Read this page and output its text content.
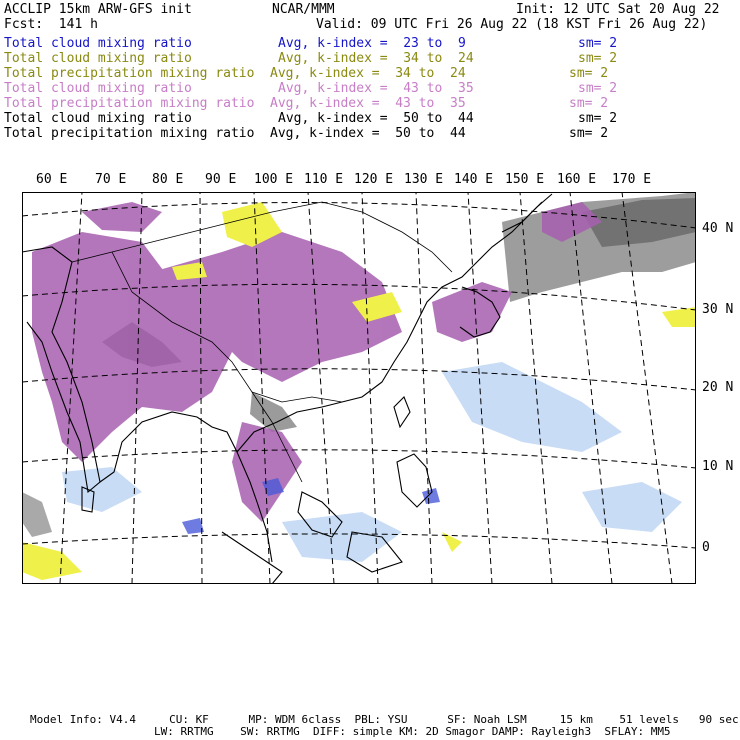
ACCLIP 15km ARW-GFS init	NCAR/MMM	Init: 12 UTC Sat 20 Aug 22
Fcst:  141 h	Valid: 09 UTC Fri 26 Aug 22 (18 KST Fri 26 Aug 22)
Total cloud mixing ratio	Avg, k-index =  23 to  9	sm= 2
Total cloud mixing ratio	Avg, k-index =  34 to  24	sm= 2
Total precipitation mixing ratio Avg, k-index =  34 to  24	sm= 2
Total cloud mixing ratio	Avg, k-index =  43 to  35	sm= 2
Total precipitation mixing ratio Avg, k-index =  43 to  35	sm= 2
Total cloud mixing ratio	Avg, k-index =  50 to  44	sm= 2
Total precipitation mixing ratio Avg, k-index =  50 to  44	sm= 2
60 E 70 E 80 E 90 E 100 E 110 E 120 E 130 E 140 E 150 E 160 E 170 E
40 N
30 N
20 N
10 N
0
Model Info: V4.4     CU: KF      MP: WDM 6class  PBL: YSU      SF: Noah LSM     15 km    51 levels   90 sec
LW: RRTMG    SW: RRTMG  DIFF: simple KM: 2D Smagor DAMP: Rayleigh3  SFLAY: MM5
